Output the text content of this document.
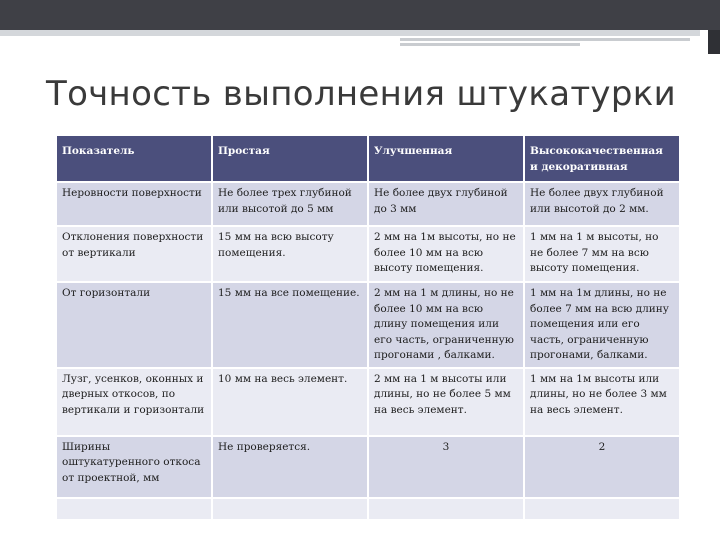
Точность выполнения штукатурки
Показатель	Простая	Улучшенная	Высококачественная и декоративная
Неровности поверхности	Не более трех глубиной или высотой до 5 мм	Не более двух глубиной до 3 мм	Не более двух глубиной или высотой до 2 мм.
Отклонения поверхности от вертикали	15 мм на всю высоту помещения.	2 мм на 1м высоты, но не более 10 мм на всю высоту помещения.	1 мм на 1 м высоты, но не более 7 мм на всю высоту помещения.
От горизонтали	15 мм на все помещение.	2 мм на 1 м длины, но не более 10 мм на всю длину помещения или его часть, ограниченную прогонами , балками.	1 мм на 1м длины, но не более 7 мм на всю длину помещения или его часть, ограниченную прогонами, балками.
Лузг, усенков, оконных и дверных откосов, по вертикали и горизонтали	10 мм на весь элемент.	2 мм на 1 м высоты или длины, но не более 5 мм на весь элемент.	1 мм на 1м высоты или длины, но не более 3 мм на весь элемент.
Ширины оштукатуренного откоса от проектной, мм	Не проверяется.	3	2
